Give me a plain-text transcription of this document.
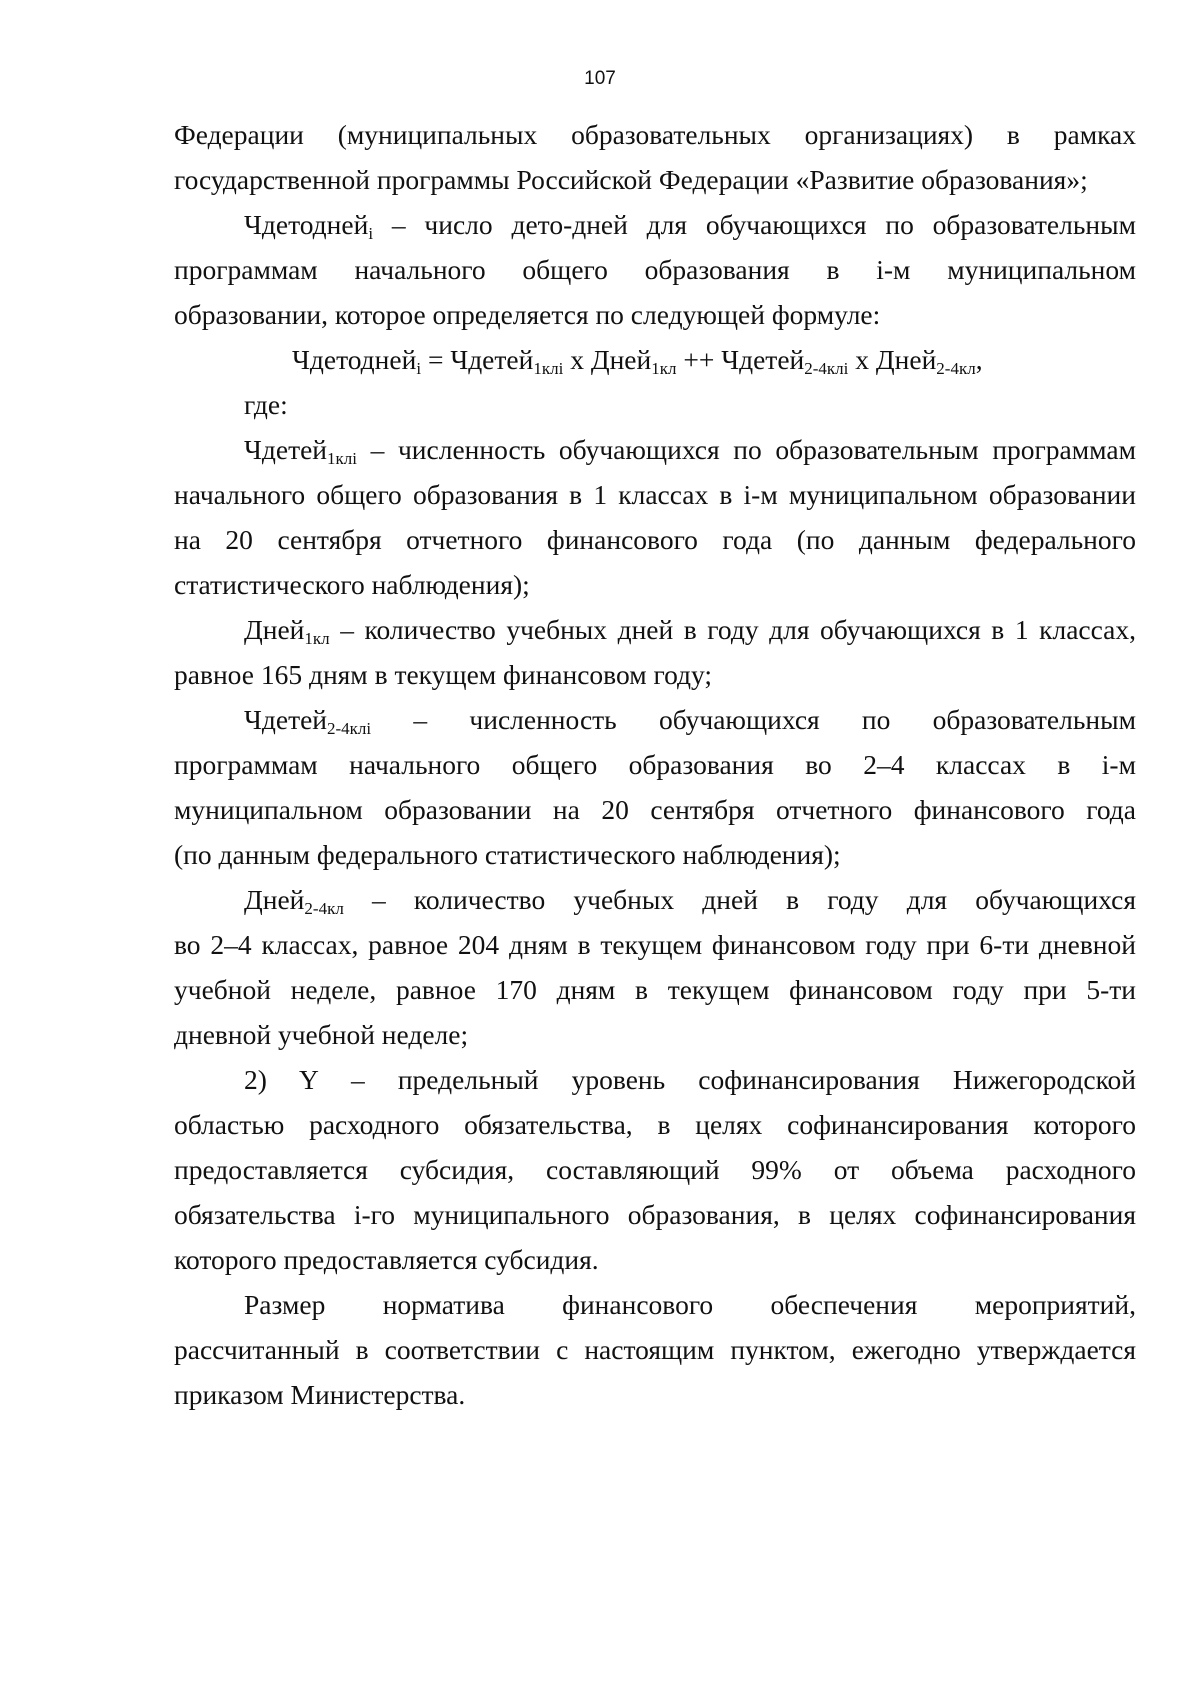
107
Федерации (муниципальных образовательных организациях) в рамках
государственной программы Российской Федерации «Развитие образования»;
Чдетодней$_i$ – число дето-дней для обучающихся по образовательным
программам начального общего образования в i-м муниципальном
образовании, которое определяется по следующей формуле:
Чдетодней$_i$ = Чдетей$_{1клi}$ х Дней$_{1кл}$ ++ Чдетей$_{2-4клi}$ х Дней$_{2-4кл}$,
где:
Чдетей$_{1клi}$ – численность обучающихся по образовательным программам
начального общего образования в 1 классах в i-м муниципальном образовании
на 20 сентября отчетного финансового года (по данным федерального
статистического наблюдения);
Дней$_{1кл}$ – количество учебных дней в году для обучающихся в 1 классах,
равное 165 дням в текущем финансовом году;
Чдетей$_{2-4клi}$ – численность обучающихся по образовательным
программам начального общего образования во 2–4 классах в i-м
муниципальном образовании на 20 сентября отчетного финансового года
(по данным федерального статистического наблюдения);
Дней$_{2-4кл}$ – количество учебных дней в году для обучающихся
во 2–4 классах, равное 204 дням в текущем финансовом году при 6-ти дневной
учебной неделе, равное 170 дням в текущем финансовом году при 5-ти
дневной учебной неделе;
2) Y – предельный уровень софинансирования Нижегородской
областью расходного обязательства, в целях софинансирования которого
предоставляется субсидия, составляющий 99% от объема расходного
обязательства i-го муниципального образования, в целях софинансирования
которого предоставляется субсидия.
Размер норматива финансового обеспечения мероприятий,
рассчитанный в соответствии с настоящим пунктом, ежегодно утверждается
приказом Министерства.
